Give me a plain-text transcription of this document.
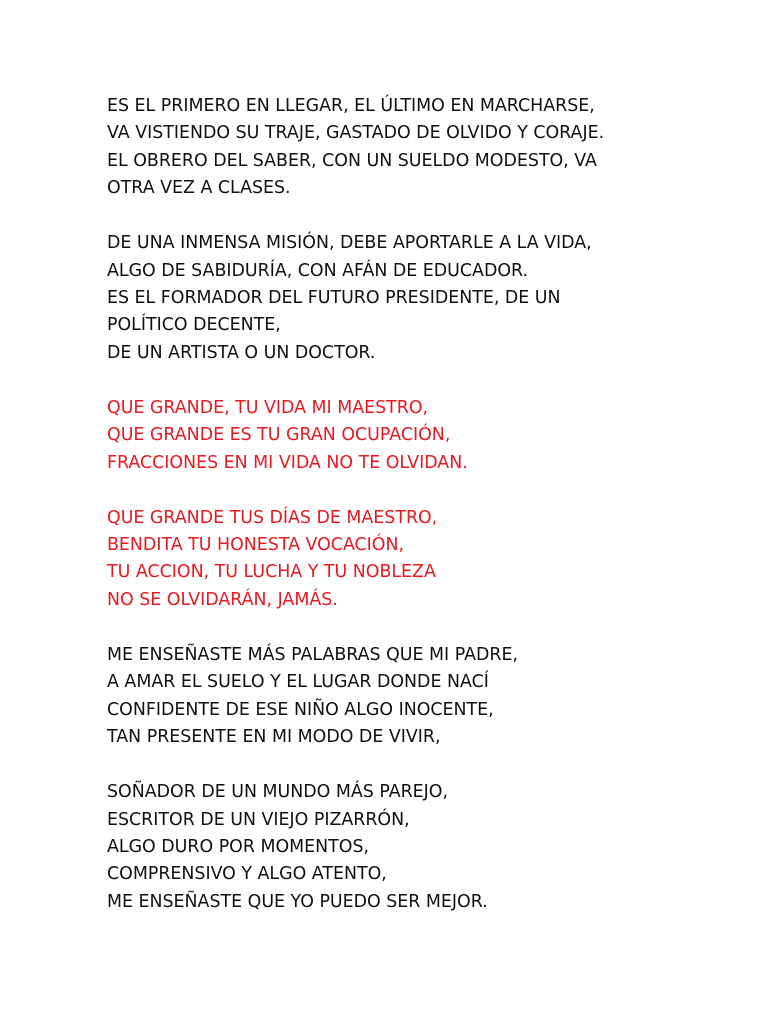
ES EL PRIMERO EN LLEGAR, EL ÚLTIMO EN MARCHARSE,
VA VISTIENDO SU TRAJE, GASTADO DE OLVIDO Y CORAJE.
EL OBRERO DEL SABER, CON UN SUELDO MODESTO, VA
OTRA VEZ A CLASES.
DE UNA INMENSA MISIÓN, DEBE APORTARLE A LA VIDA,
ALGO DE SABIDURÍA, CON AFÁN DE EDUCADOR.
ES EL FORMADOR DEL FUTURO PRESIDENTE, DE UN
POLÍTICO DECENTE,
DE UN ARTISTA O UN DOCTOR.
QUE GRANDE, TU VIDA MI MAESTRO,
QUE GRANDE ES TU GRAN OCUPACIÓN,
FRACCIONES EN MI VIDA NO TE OLVIDAN.
QUE GRANDE TUS DÍAS DE MAESTRO,
BENDITA TU HONESTA VOCACIÓN,
TU ACCION, TU LUCHA Y TU NOBLEZA
NO SE OLVIDARÁN, JAMÁS.
ME ENSEÑASTE MÁS PALABRAS QUE MI PADRE,
A AMAR EL SUELO Y EL LUGAR DONDE NACÍ
CONFIDENTE DE ESE NIÑO ALGO INOCENTE,
TAN PRESENTE EN MI MODO DE VIVIR,
SOÑADOR DE UN MUNDO MÁS PAREJO,
ESCRITOR DE UN VIEJO PIZARRÓN,
ALGO DURO POR MOMENTOS,
COMPRENSIVO Y ALGO ATENTO,
ME ENSEÑASTE QUE YO PUEDO SER MEJOR.
